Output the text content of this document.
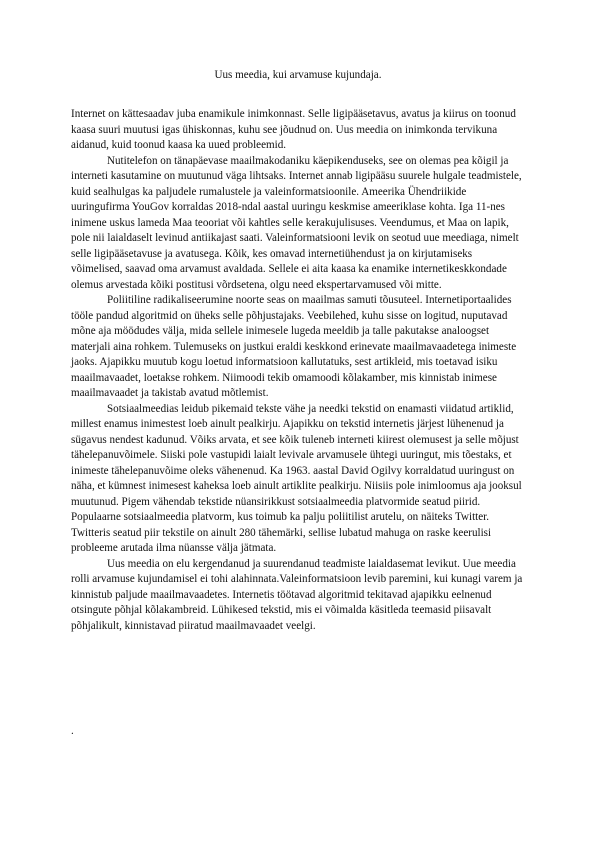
Uus meedia, kui arvamuse kujundaja.

Internet on kättesaadav juba enamikule inimkonnast. Selle ligipääsetavus, avatus ja kiirus on toonud kaasa suuri muutusi igas ühiskonnas, kuhu see jõudnud on. Uus meedia on inimkonda tervikuna aidanud, kuid toonud kaasa ka uued probleemid.

Nutitelefon on tänapäevase maailmakodaniku käepikenduseks, see on olemas pea kõigil ja interneti kasutamine on muutunud väga lihtsaks. Internet annab ligipääsu suurele hulgale teadmistele, kuid sealhulgas ka paljudele rumalustele ja valeinformatsioonile. Ameerika Ühendriikide uuringufirma YouGov korraldas 2018-ndal aastal uuringu keskmise ameeriklase kohta. Iga 11-nes inimene uskus lameda Maa teooriat või kahtles selle kerakujulisuses. Veendumus, et Maa on lapik, pole nii laialdaselt levinud antiikajast saati. Valeinformatsiooni levik on seotud uue meediaga, nimelt selle ligipääsetavuse ja avatusega. Kõik, kes omavad internetiühendust ja on kirjutamiseks võimelised, saavad oma arvamust avaldada. Sellele ei aita kaasa ka enamike internetikeskkondade olemus arvestada kõiki postitusi võrdsetena, olgu need ekspertarvamused või mitte.

Poliitiline radikaliseerumine noorte seas on maailmas samuti tõusuteel. Internetiportaalides tööle pandud algoritmid on üheks selle põhjustajaks. Veebilehed, kuhu sisse on logitud, nuputavad mõne aja möödudes välja, mida sellele inimesele lugeda meeldib ja talle pakutakse analoogset materjali aina rohkem. Tulemuseks on justkui eraldi keskkond erinevate maailmavaadetega inimeste jaoks. Ajapikku muutub kogu loetud informatsioon kallutatuks, sest artikleid, mis toetavad isiku maailmavaadet, loetakse rohkem. Niimoodi tekib omamoodi kõlakamber, mis kinnistab inimese maailmavaadet ja takistab avatud mõtlemist.

Sotsiaalmeedias leidub pikemaid tekste vähe ja needki tekstid on enamasti viidatud artiklid, millest enamus inimestest loeb ainult pealkirju. Ajapikku on tekstid internetis järjest lühenenud ja sügavus nendest kadunud. Võiks arvata, et see kõik tuleneb interneti kiirest olemusest ja selle mõjust tähelepanuvõimele. Siiski pole vastupidi laialt levivale arvamusele ühtegi uuringut, mis tõestaks, et inimeste tähelepanuvõime oleks vähenenud. Ka 1963. aastal David Ogilvy korraldatud uuringust on näha, et kümnest inimesest kaheksa loeb ainult artiklite pealkirju. Niisiis pole inimloomus aja jooksul muutunud. Pigem vähendab tekstide nüansirikkust sotsiaalmeedia platvormide seatud piirid. Populaarne sotsiaalmeedia platvorm, kus toimub ka palju poliitilist arutelu, on näiteks Twitter. Twitteris seatud piir tekstile on ainult 280 tähemärki, sellise lubatud mahuga on raske keerulisi probleeme arutada ilma nüansse välja jätmata.

Uus meedia on elu kergendanud ja suurendanud teadmiste laialdasemat levikut. Uue meedia rolli arvamuse kujundamisel ei tohi alahinnata.Valeinformatsioon levib paremini, kui kunagi varem ja kinnistub paljude maailmavaadetes. Internetis töötavad algoritmid tekitavad ajapikku eelnenud otsingute põhjal kõlakambreid. Lühikesed tekstid, mis ei võimalda käsitleda teemasid piisavalt põhjalikult, kinnistavad piiratud maailmavaadet veelgi.

.
